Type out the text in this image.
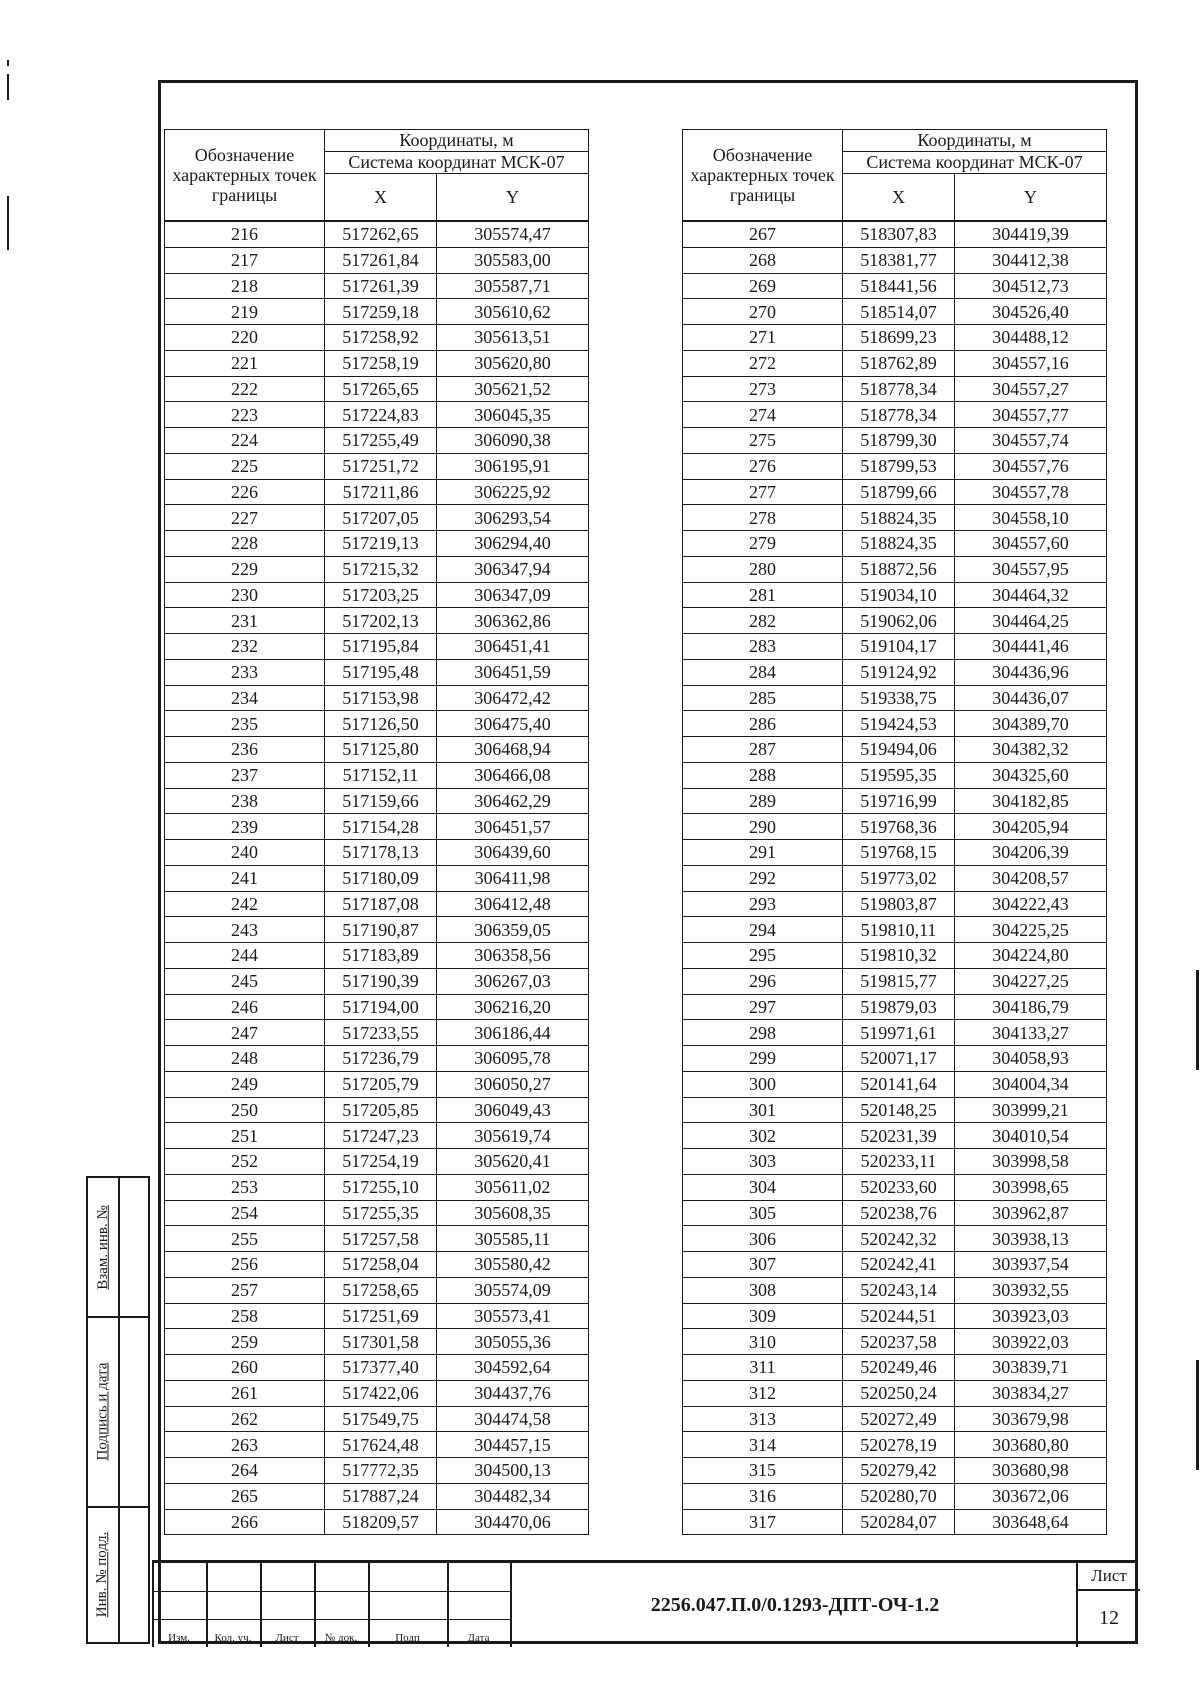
Обозначение характерных точек границы	Координаты, м	
	Система координат МСК-07	
	X	Y
216	517262,65	305574,47
217	517261,84	305583,00
218	517261,39	305587,71
219	517259,18	305610,62
220	517258,92	305613,51
221	517258,19	305620,80
222	517265,65	305621,52
223	517224,83	306045,35
224	517255,49	306090,38
225	517251,72	306195,91
226	517211,86	306225,92
227	517207,05	306293,54
228	517219,13	306294,40
229	517215,32	306347,94
230	517203,25	306347,09
231	517202,13	306362,86
232	517195,84	306451,41
233	517195,48	306451,59
234	517153,98	306472,42
235	517126,50	306475,40
236	517125,80	306468,94
237	517152,11	306466,08
238	517159,66	306462,29
239	517154,28	306451,57
240	517178,13	306439,60
241	517180,09	306411,98
242	517187,08	306412,48
243	517190,87	306359,05
244	517183,89	306358,56
245	517190,39	306267,03
246	517194,00	306216,20
247	517233,55	306186,44
248	517236,79	306095,78
249	517205,79	306050,27
250	517205,85	306049,43
251	517247,23	305619,74
252	517254,19	305620,41
253	517255,10	305611,02
254	517255,35	305608,35
255	517257,58	305585,11
256	517258,04	305580,42
257	517258,65	305574,09
258	517251,69	305573,41
259	517301,58	305055,36
260	517377,40	304592,64
261	517422,06	304437,76
262	517549,75	304474,58
263	517624,48	304457,15
264	517772,35	304500,13
265	517887,24	304482,34
266	518209,57	304470,06
Обозначение характерных точек границы	Координаты, м	
	Система координат МСК-07	
	X	Y
267	518307,83	304419,39
268	518381,77	304412,38
269	518441,56	304512,73
270	518514,07	304526,40
271	518699,23	304488,12
272	518762,89	304557,16
273	518778,34	304557,27
274	518778,34	304557,77
275	518799,30	304557,74
276	518799,53	304557,76
277	518799,66	304557,78
278	518824,35	304558,10
279	518824,35	304557,60
280	518872,56	304557,95
281	519034,10	304464,32
282	519062,06	304464,25
283	519104,17	304441,46
284	519124,92	304436,96
285	519338,75	304436,07
286	519424,53	304389,70
287	519494,06	304382,32
288	519595,35	304325,60
289	519716,99	304182,85
290	519768,36	304205,94
291	519768,15	304206,39
292	519773,02	304208,57
293	519803,87	304222,43
294	519810,11	304225,25
295	519810,32	304224,80
296	519815,77	304227,25
297	519879,03	304186,79
298	519971,61	304133,27
299	520071,17	304058,93
300	520141,64	304004,34
301	520148,25	303999,21
302	520231,39	304010,54
303	520233,11	303998,58
304	520233,60	303998,65
305	520238,76	303962,87
306	520242,32	303938,13
307	520242,41	303937,54
308	520243,14	303932,55
309	520244,51	303923,03
310	520237,58	303922,03
311	520249,46	303839,71
312	520250,24	303834,27
313	520272,49	303679,98
314	520278,19	303680,80
315	520279,42	303680,98
316	520280,70	303672,06
317	520284,07	303648,64
Взам. инв. №
Подпись и дата
Инв. № подл.
Изм.	Кол. уч.	Лист	№ док.	Подп	Дата
2256.047.П.0/0.1293-ДПТ-ОЧ-1.2
Лист
12
